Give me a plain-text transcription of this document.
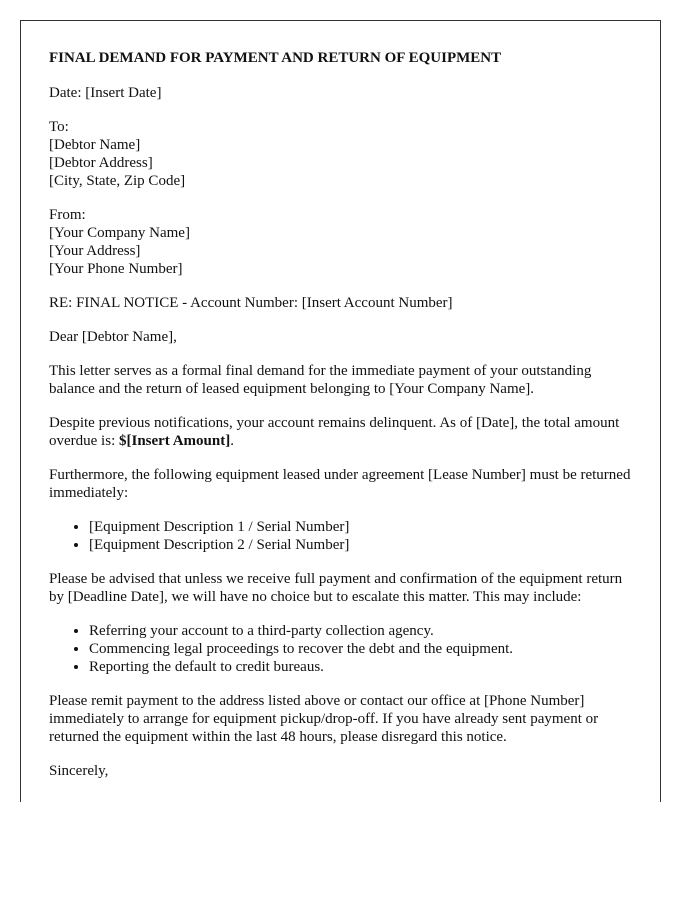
FINAL DEMAND FOR PAYMENT AND RETURN OF EQUIPMENT

Date: [Insert Date]

To:
[Debtor Name]
[Debtor Address]
[City, State, Zip Code]

From:
[Your Company Name]
[Your Address]
[Your Phone Number]

RE: FINAL NOTICE - Account Number: [Insert Account Number]

Dear [Debtor Name],

This letter serves as a formal final demand for the immediate payment of your outstanding balance and the return of leased equipment belonging to [Your Company Name].

Despite previous notifications, your account remains delinquent. As of [Date], the total amount overdue is: $[Insert Amount].

Furthermore, the following equipment leased under agreement [Lease Number] must be returned immediately:

• [Equipment Description 1 / Serial Number]
• [Equipment Description 2 / Serial Number]

Please be advised that unless we receive full payment and confirmation of the equipment return by [Deadline Date], we will have no choice but to escalate this matter. This may include:

• Referring your account to a third-party collection agency.
• Commencing legal proceedings to recover the debt and the equipment.
• Reporting the default to credit bureaus.

Please remit payment to the address listed above or contact our office at [Phone Number] immediately to arrange for equipment pickup/drop-off. If you have already sent payment or returned the equipment within the last 48 hours, please disregard this notice.

Sincerely,
